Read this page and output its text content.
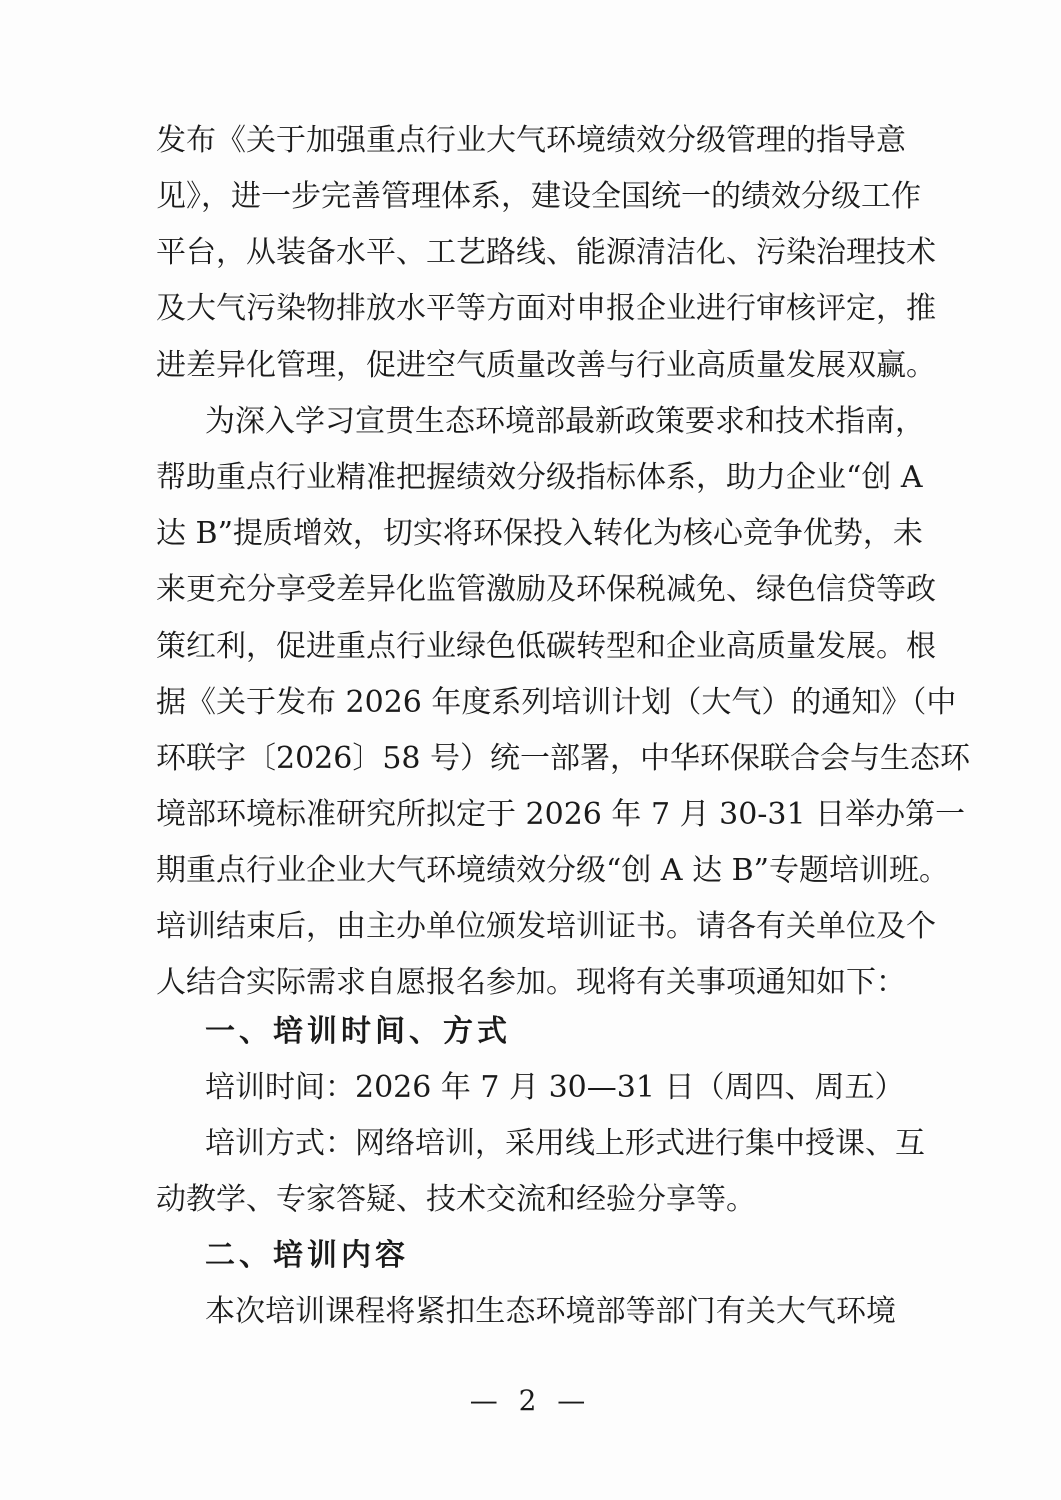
发布《关于加强重点行业大气环境绩效分级管理的指导意
见》，进一步完善管理体系，建设全国统一的绩效分级工作
平台，从装备水平、工艺路线、能源清洁化、污染治理技术
及大气污染物排放水平等方面对申报企业进行审核评定，推
进差异化管理，促进空气质量改善与行业高质量发展双赢。
为深入学习宣贯生态环境部最新政策要求和技术指南，
帮助重点行业精准把握绩效分级指标体系，助力企业“创 A
达 B”提质增效，切实将环保投入转化为核心竞争优势，未
来更充分享受差异化监管激励及环保税减免、绿色信贷等政
策红利，促进重点行业绿色低碳转型和企业高质量发展。根
据《关于发布 2026 年度系列培训计划（大气）的通知》（中
环联字〔2026〕58 号）统一部署，中华环保联合会与生态环
境部环境标准研究所拟定于 2026 年 7 月 30-31 日举办第一
期重点行业企业大气环境绩效分级“创 A 达 B”专题培训班。
培训结束后，由主办单位颁发培训证书。请各有关单位及个
人结合实际需求自愿报名参加。现将有关事项通知如下：
一、培训时间、方式
培训时间：2026 年 7 月 30—31 日（周四、周五）
培训方式：网络培训，采用线上形式进行集中授课、互
动教学、专家答疑、技术交流和经验分享等。
二、培训内容
本次培训课程将紧扣生态环境部等部门有关大气环境
— 2 —
